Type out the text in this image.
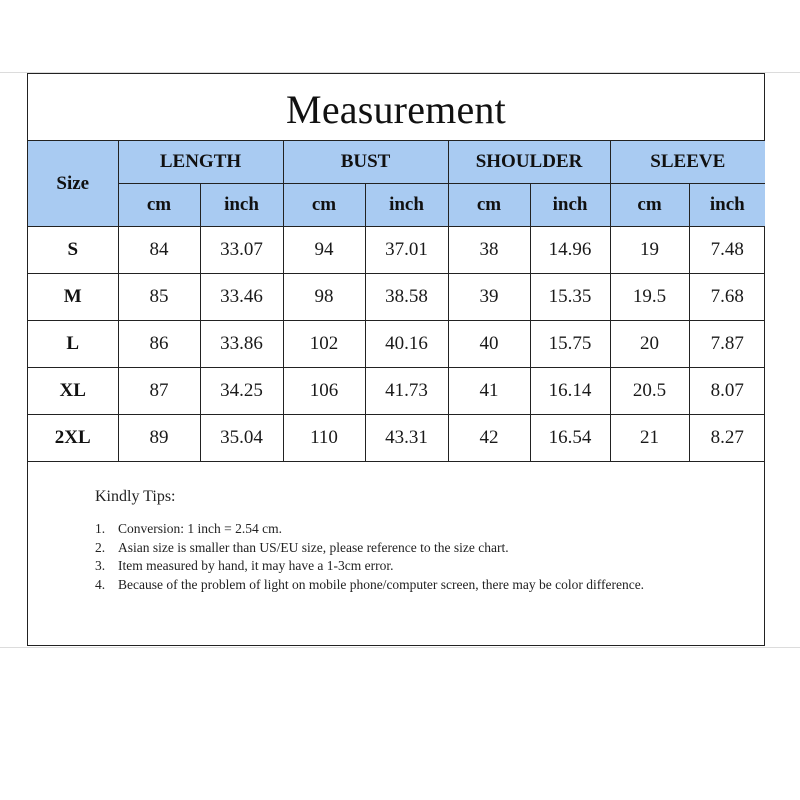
Measurement
Size	LENGTH		BUST		SHOULDER		SLEEVE	
	cm	inch	cm	inch	cm	inch	cm	inch
S	84	33.07	94	37.01	38	14.96	19	7.48
M	85	33.46	98	38.58	39	15.35	19.5	7.68
L	86	33.86	102	40.16	40	15.75	20	7.87
XL	87	34.25	106	41.73	41	16.14	20.5	8.07
2XL	89	35.04	110	43.31	42	16.54	21	8.27
Kindly Tips:
1. Conversion: 1 inch = 2.54 cm.
2. Asian size is smaller than US/EU size, please reference to the size chart.
3. Item measured by hand, it may have a 1-3cm error.
4. Because of the problem of light on mobile phone/computer screen, there may be color difference.
